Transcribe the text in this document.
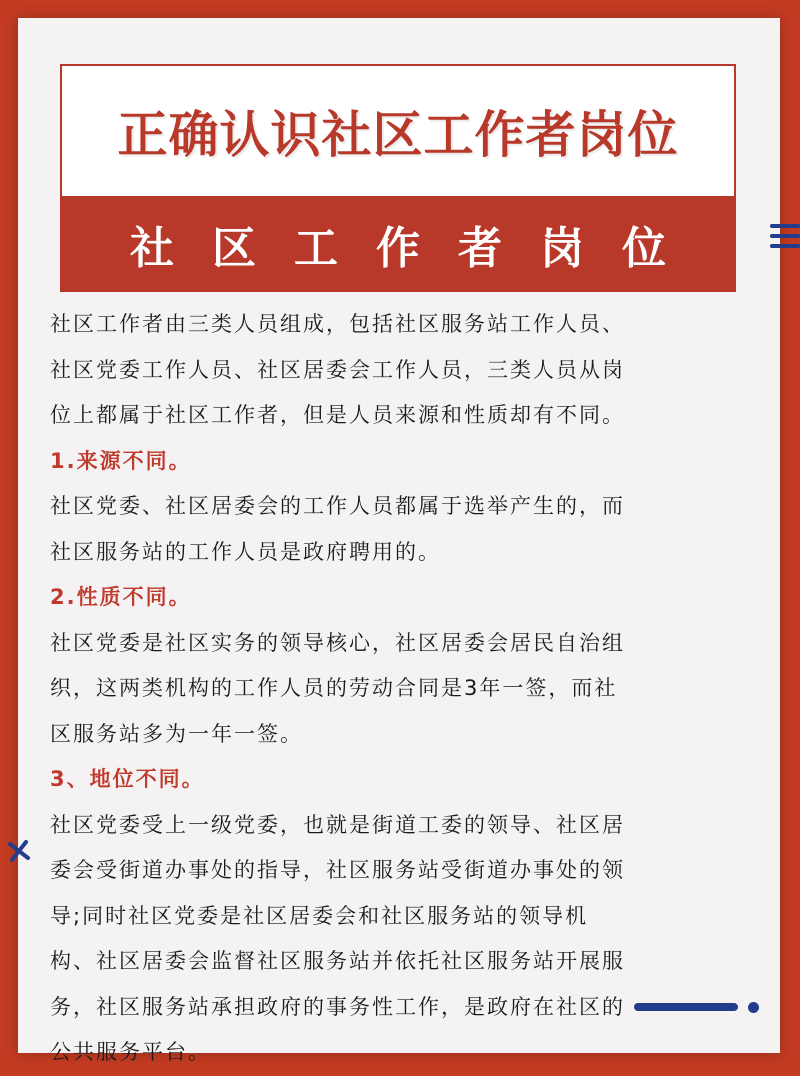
正确认识社区工作者岗位
社区工作者岗位

社区工作者由三类人员组成，包括社区服务站工作人员、

社区党委工作人员、社区居委会工作人员，三类人员从岗

位上都属于社区工作者，但是人员来源和性质却有不同。

1.来源不同。

社区党委、社区居委会的工作人员都属于选举产生的，而

社区服务站的工作人员是政府聘用的。

2.性质不同。

社区党委是社区实务的领导核心，社区居委会居民自治组

织，这两类机构的工作人员的劳动合同是3年一签，而社

区服务站多为一年一签。

3、地位不同。

社区党委受上一级党委，也就是街道工委的领导、社区居

委会受街道办事处的指导，社区服务站受街道办事处的领

导;同时社区党委是社区居委会和社区服务站的领导机

构、社区居委会监督社区服务站并依托社区服务站开展服

务，社区服务站承担政府的事务性工作，是政府在社区的

公共服务平台。
